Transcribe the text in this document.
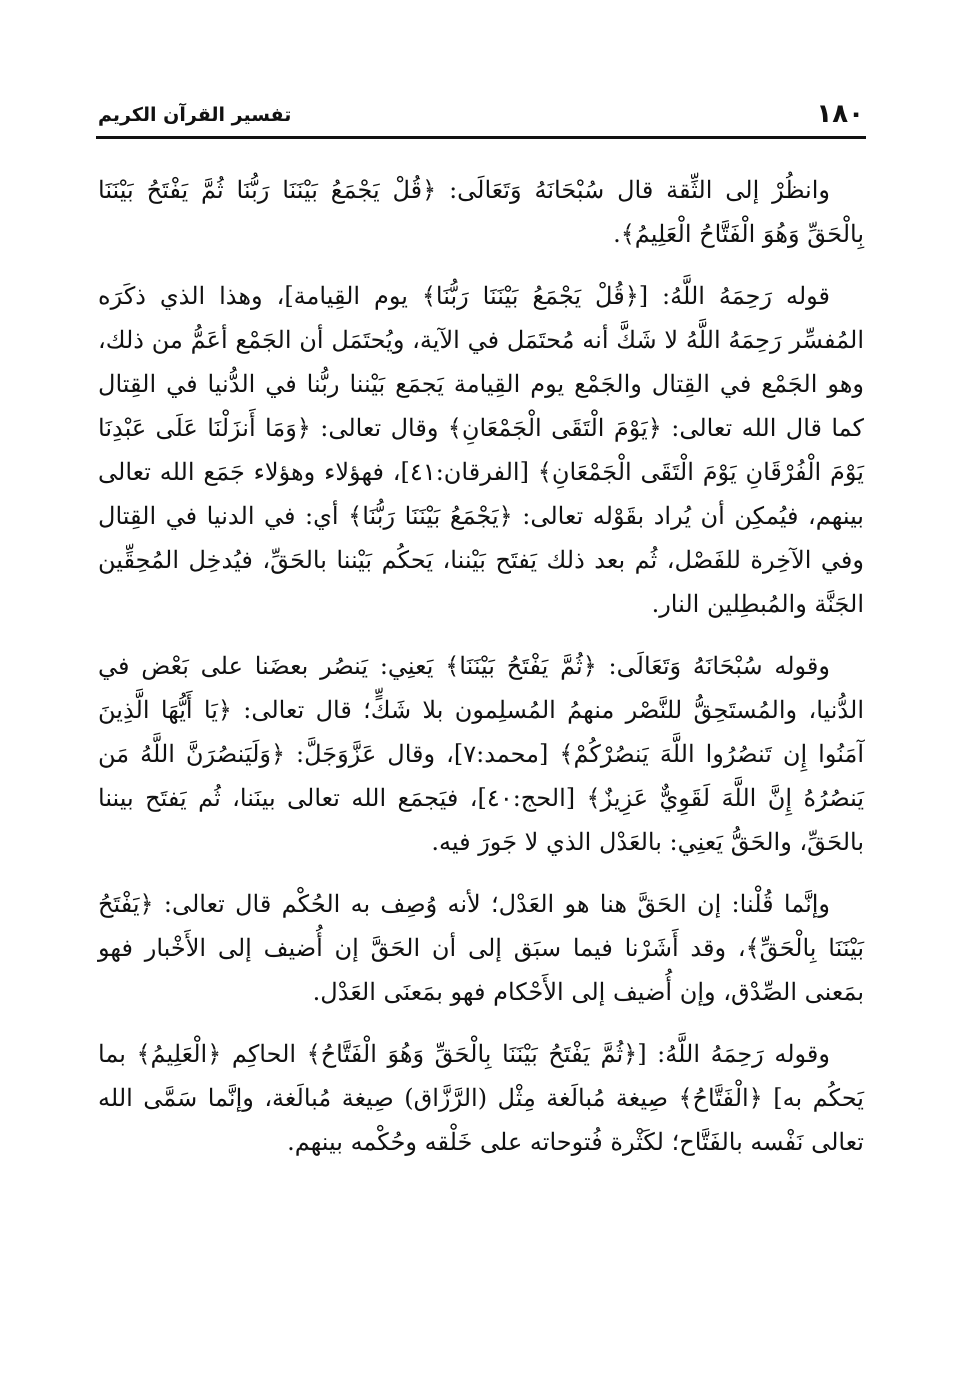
١٨٠
تفسير القرآن الكريم

وانظُرْ إلى الثِّقة قال سُبْحَانَهُ وَتَعَالَى: ﴿قُلْ يَجْمَعُ بَيْنَنَا رَبُّنَا ثُمَّ يَفْتَحُ بَيْنَنَا بِالْحَقِّ وَهُوَ الْفَتَّاحُ الْعَلِيمُ﴾.

قوله رَحِمَهُ اللَّهُ: [﴿قُلْ يَجْمَعُ بَيْنَنَا رَبُّنَا﴾ يوم القِيامة]، وهذا الذي ذكَرَه المُفسِّر رَحِمَهُ اللَّهُ لا شَكَّ أنه مُحتَمَل في الآية، ويُحتَمَل أن الجَمْع أعَمُّ من ذلك، وهو الجَمْع في القِتال والجَمْع يوم القِيامة يَجمَع بَيْننا ربُّنا في الدُّنيا في القِتال كما قال الله تعالى: ﴿يَوْمَ الْتَقَى الْجَمْعَانِ﴾ وقال تعالى: ﴿وَمَا أَنزَلْنَا عَلَى عَبْدِنَا يَوْمَ الْفُرْقَانِ يَوْمَ الْتَقَى الْجَمْعَانِ﴾ [الفرقان:٤١]، فهؤلاء وهؤلاء جَمَع الله تعالى بينهم، فيُمكِن أن يُراد بقَوْله تعالى: ﴿يَجْمَعُ بَيْنَنَا رَبُّنَا﴾ أي: في الدنيا في القِتال وفي الآخِرة للفَصْل، ثُم بعد ذلك يَفتَح بَيْننا، يَحكُم بَيْننا بالحَقِّ، فيُدخِل المُحِقِّين الجَنَّة والمُبطِلين النار.

وقوله سُبْحَانَهُ وَتَعَالَى: ﴿ثُمَّ يَفْتَحُ بَيْنَنَا﴾ يَعنِي: يَنصُر بعضَنا على بَعْض في الدُّنيا، والمُستَحِقُّ للنَّصْر منهمُ المُسلِمون بلا شَكٍّ؛ قال تعالى: ﴿يَا أَيُّهَا الَّذِينَ آمَنُوا إِن تَنصُرُوا اللَّهَ يَنصُرْكُمْ﴾ [محمد:٧]، وقال عَزَّوَجَلَّ: ﴿وَلَيَنصُرَنَّ اللَّهُ مَن يَنصُرُهُ إِنَّ اللَّهَ لَقَوِيٌّ عَزِيزٌ﴾ [الحج:٤٠]، فيَجمَع الله تعالى بينَنا، ثُم يَفتَح بيننا بالحَقِّ، والحَقُّ يَعنِي: بالعَدْل الذي لا جَورَ فيه.

وإنَّما قُلْنا: إن الحَقَّ هنا هو العَدْل؛ لأنه وُصِف به الحُكْم قال تعالى: ﴿يَفْتَحُ بَيْنَنَا بِالْحَقِّ﴾، وقد أَشَرْنا فيما سبَق إلى أن الحَقَّ إن أُضيف إلى الأَخْبار فهو بمَعنى الصِّدْق، وإن أُضيف إلى الأَحْكام فهو بمَعنَى العَدْل.

وقوله رَحِمَهُ اللَّهُ: [﴿ثُمَّ يَفْتَحُ بَيْنَنَا بِالْحَقِّ وَهُوَ الْفَتَّاحُ﴾ الحاكِم ﴿الْعَلِيمُ﴾ بما يَحكُم به] ﴿الْفَتَّاحُ﴾ صِيغة مُبالَغة مِثْل (الرَّزَّاق) صِيغة مُبالَغة، وإنَّما سَمَّى الله تعالى نَفْسه بالفَتَّاح؛ لكَثْرة فُتوحاته على خَلْقه وحُكْمه بينهم.
